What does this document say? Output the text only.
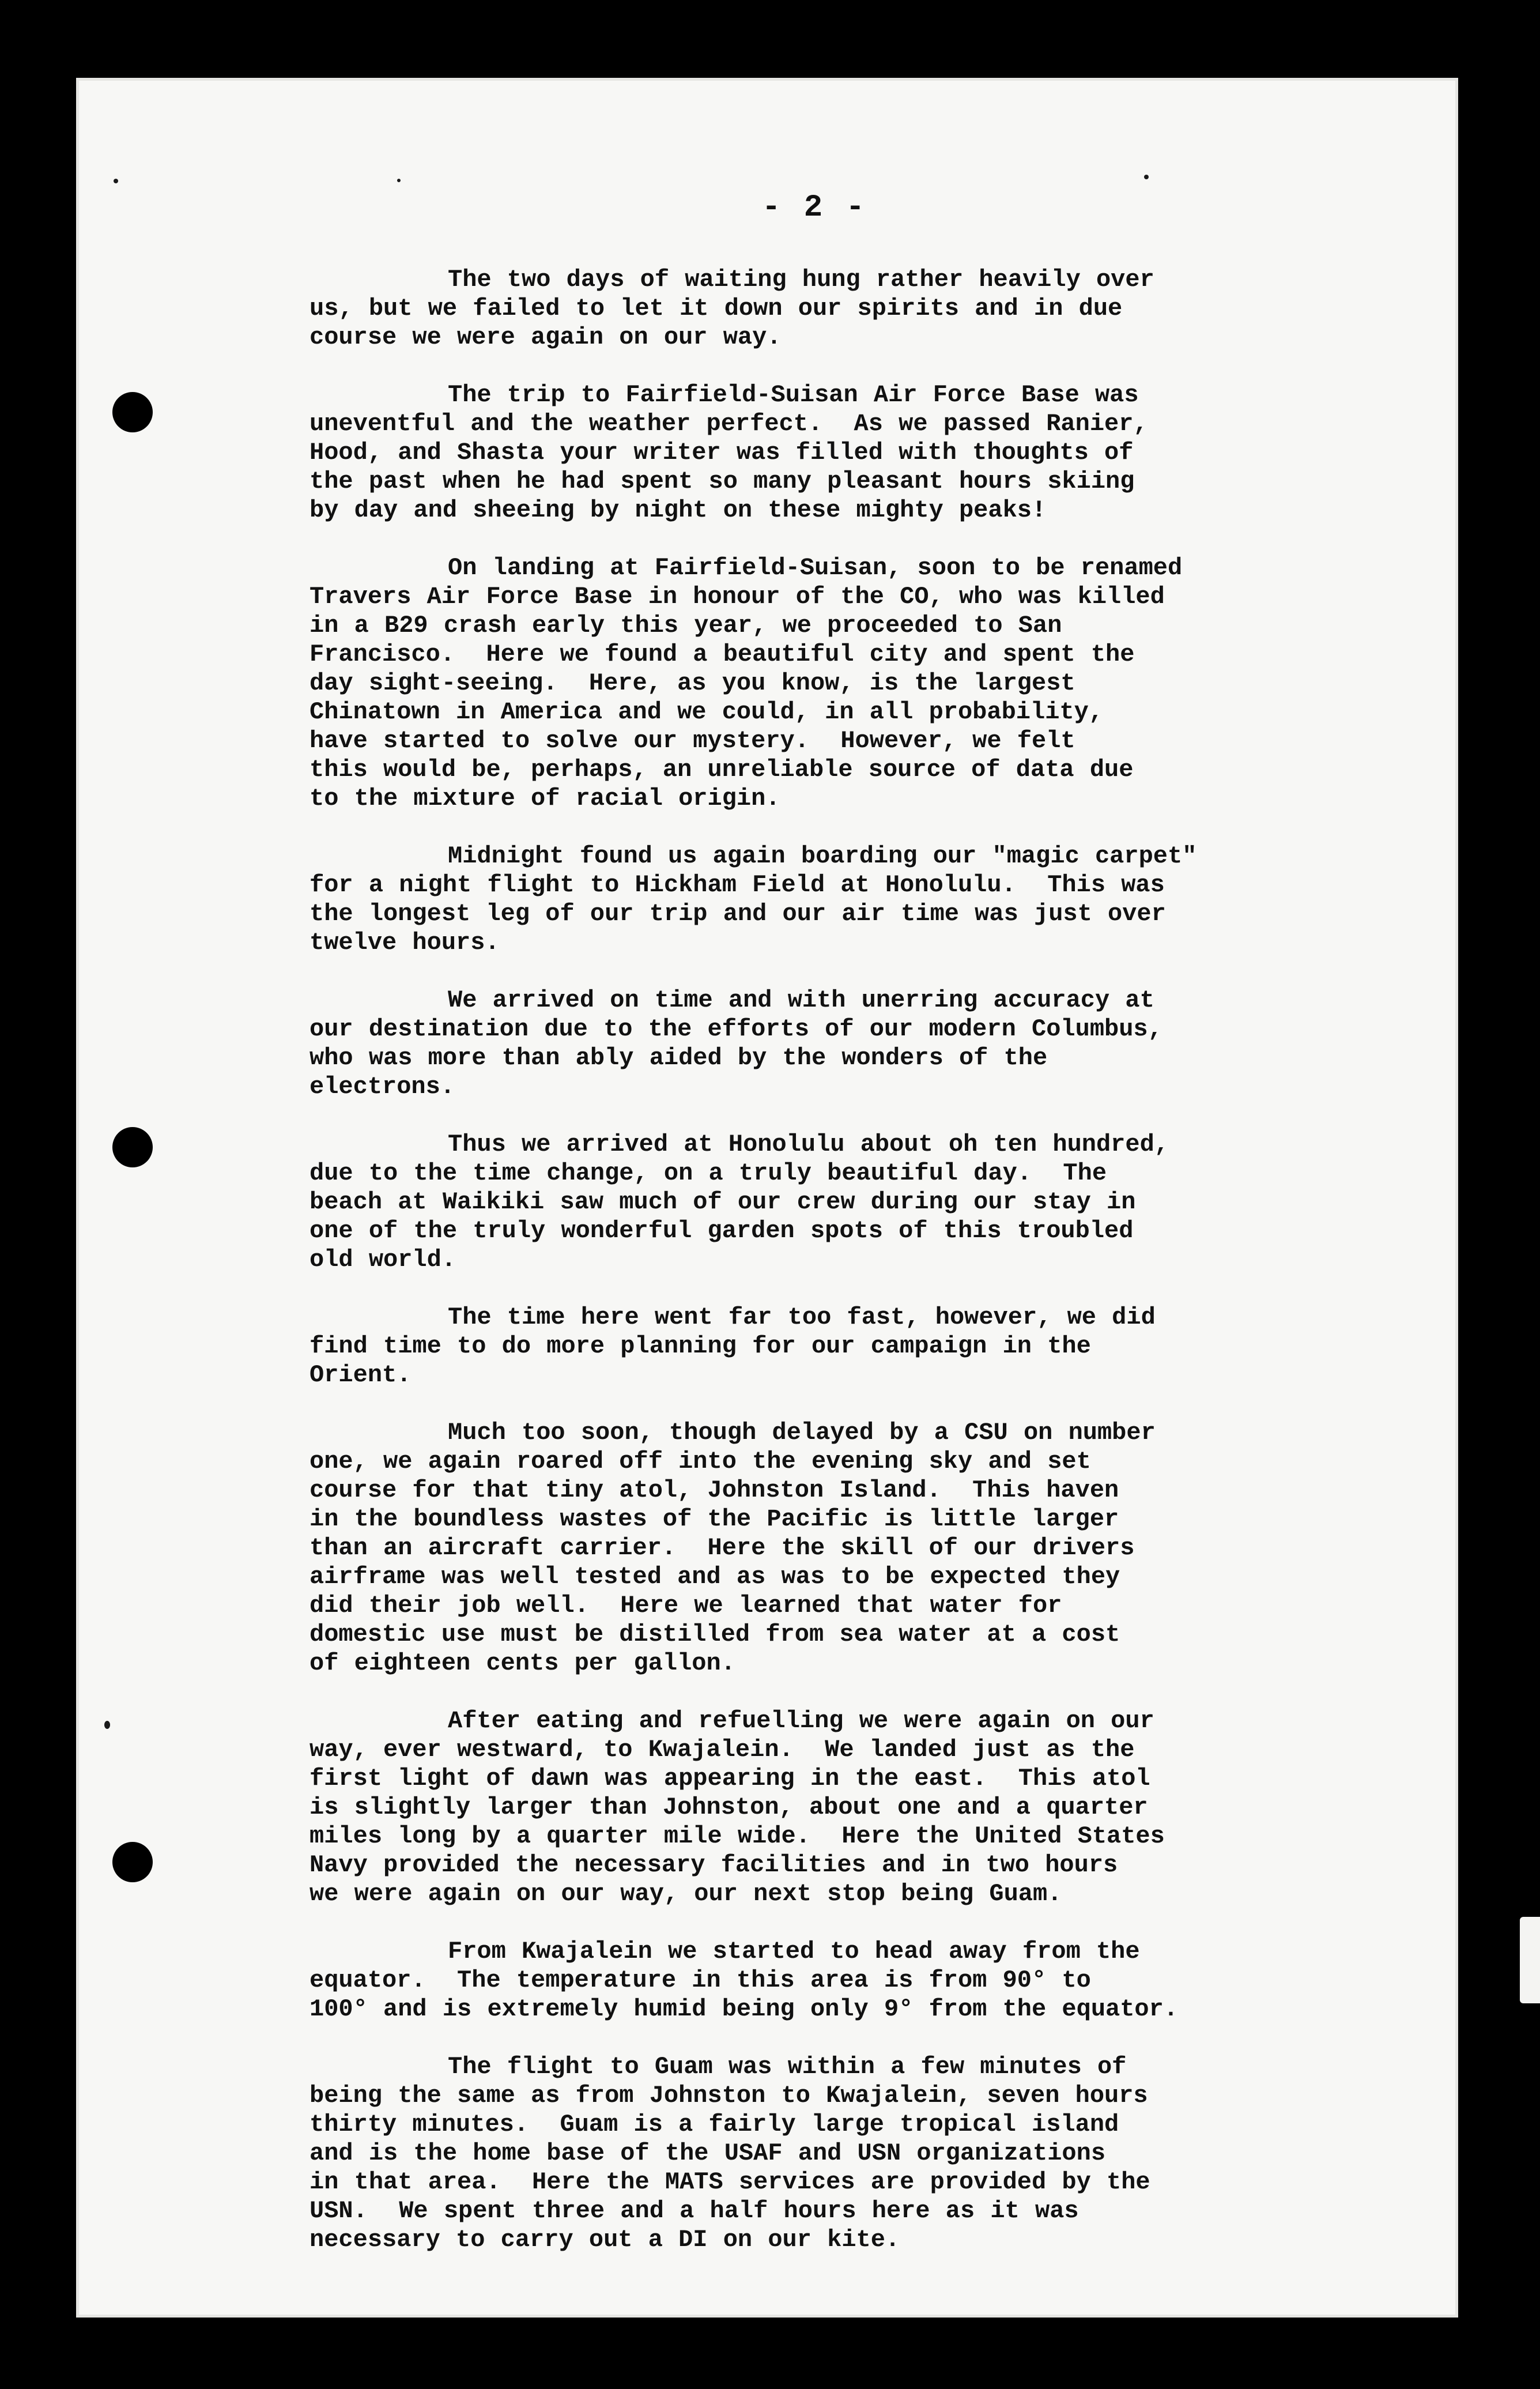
- 2 -

The two days of waiting hung rather heavily over
us, but we failed to let it down our spirits and in due
course we were again on our way.

The trip to Fairfield-Suisan Air Force Base was
uneventful and the weather perfect.  As we passed Ranier,
Hood, and Shasta your writer was filled with thoughts of
the past when he had spent so many pleasant hours skiing
by day and sheeing by night on these mighty peaks!

On landing at Fairfield-Suisan, soon to be renamed
Travers Air Force Base in honour of the CO, who was killed
in a B29 crash early this year, we proceeded to San
Francisco.  Here we found a beautiful city and spent the
day sight-seeing.  Here, as you know, is the largest
Chinatown in America and we could, in all probability,
have started to solve our mystery.  However, we felt
this would be, perhaps, an unreliable source of data due
to the mixture of racial origin.

Midnight found us again boarding our "magic carpet"
for a night flight to Hickham Field at Honolulu.  This was
the longest leg of our trip and our air time was just over
twelve hours.

We arrived on time and with unerring accuracy at
our destination due to the efforts of our modern Columbus,
who was more than ably aided by the wonders of the
electrons.

Thus we arrived at Honolulu about oh ten hundred,
due to the time change, on a truly beautiful day.  The
beach at Waikiki saw much of our crew during our stay in
one of the truly wonderful garden spots of this troubled
old world.

The time here went far too fast, however, we did
find time to do more planning for our campaign in the
Orient.

Much too soon, though delayed by a CSU on number
one, we again roared off into the evening sky and set
course for that tiny atol, Johnston Island.  This haven
in the boundless wastes of the Pacific is little larger
than an aircraft carrier.  Here the skill of our drivers
airframe was well tested and as was to be expected they
did their job well.  Here we learned that water for
domestic use must be distilled from sea water at a cost
of eighteen cents per gallon.

After eating and refuelling we were again on our
way, ever westward, to Kwajalein.  We landed just as the
first light of dawn was appearing in the east.  This atol
is slightly larger than Johnston, about one and a quarter
miles long by a quarter mile wide.  Here the United States
Navy provided the necessary facilities and in two hours
we were again on our way, our next stop being Guam.

From Kwajalein we started to head away from the
equator.  The temperature in this area is from 90° to
100° and is extremely humid being only 9° from the equator.

The flight to Guam was within a few minutes of
being the same as from Johnston to Kwajalein, seven hours
thirty minutes.  Guam is a fairly large tropical island
and is the home base of the USAF and USN organizations
in that area.  Here the MATS services are provided by the
USN.  We spent three and a half hours here as it was
necessary to carry out a DI on our kite.
